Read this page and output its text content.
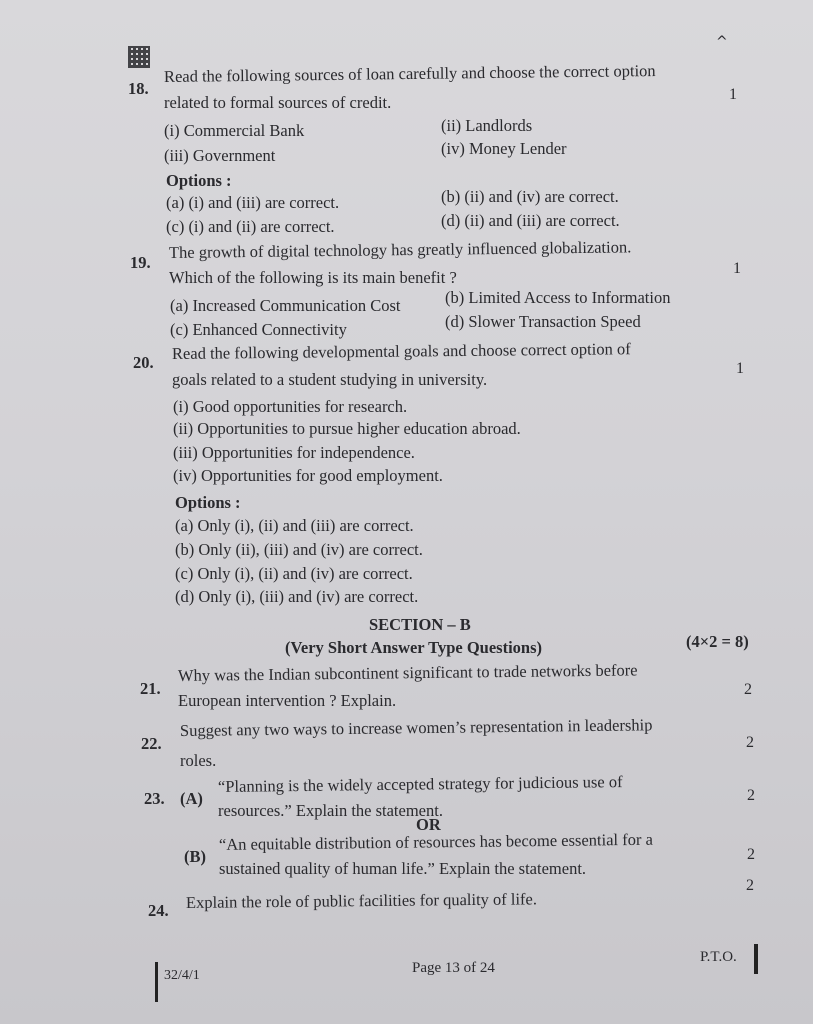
^
18.
Read the following sources of loan carefully and choose the correct option
related to formal sources of credit.	1
(i) Commercial Bank	(ii) Landlords
(iii) Government	(iv) Money Lender
Options :
(a) (i) and (iii) are correct.	(b) (ii) and (iv) are correct.
(c) (i) and (ii) are correct.	(d) (ii) and (iii) are correct.
19.
The growth of digital technology has greatly influenced globalization.
Which of the following is its main benefit ?	1
(a) Increased Communication Cost	(b) Limited Access to Information
(c) Enhanced Connectivity	(d) Slower Transaction Speed
20. Read the following developmental goals and choose correct option of
goals related to a student studying in university.
1
(i) Good opportunities for research.
(ii) Opportunities to pursue higher education abroad.
(iii) Opportunities for independence.
(iv) Opportunities for good employment.
Options :
(a) Only (i), (ii) and (iii) are correct.
(b) Only (ii), (iii) and (iv) are correct.
(c) Only (i), (ii) and (iv) are correct.
(d) Only (i), (iii) and (iv) are correct.
SECTION – B
(Very Short Answer Type Questions)	(4×2 = 8)
21.
Why was the Indian subcontinent significant to trade networks before
European intervention ? Explain.
2
22.
Suggest any two ways to increase women’s representation in leadership
roles.
2
23. (A)
“Planning is the widely accepted strategy for judicious use of
resources.” Explain the statement.
2
OR
(B)
“An equitable distribution of resources has become essential for a
sustained quality of human life.” Explain the statement.
2
24. Explain the role of public facilities for quality of life.
2
32/4/1	Page 13 of 24
P.T.O.
